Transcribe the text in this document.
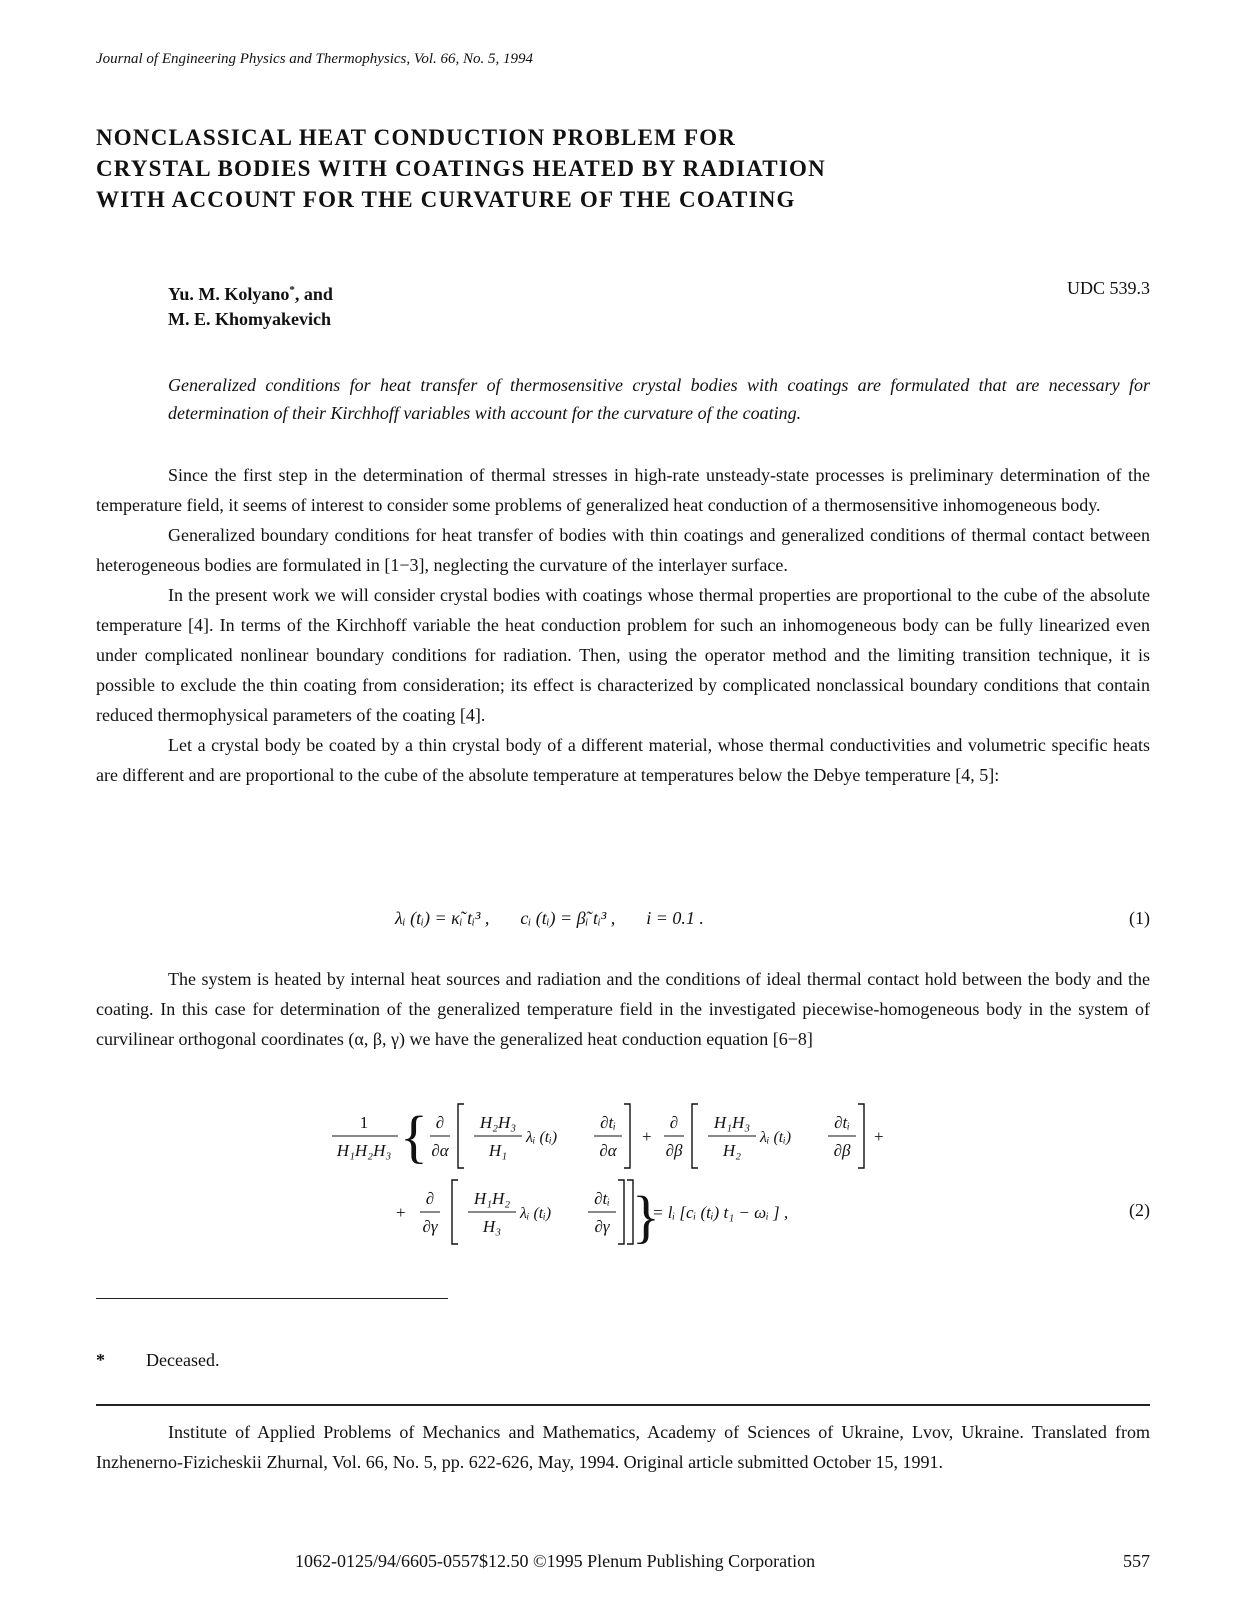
Journal of Engineering Physics and Thermophysics, Vol. 66, No. 5, 1994
NONCLASSICAL HEAT CONDUCTION PROBLEM FOR CRYSTAL BODIES WITH COATINGS HEATED BY RADIATION WITH ACCOUNT FOR THE CURVATURE OF THE COATING
Yu. M. Kolyano*, and
M. E. Khomyakevich
UDC 539.3

Generalized conditions for heat transfer of thermosensitive crystal bodies with coatings are formulated that are necessary for determination of their Kirchhoff variables with account for the curvature of the coating.

Since the first step in the determination of thermal stresses in high-rate unsteady-state processes is preliminary determination of the temperature field, it seems of interest to consider some problems of generalized heat conduction of a thermosensitive inhomogeneous body.

Generalized boundary conditions for heat transfer of bodies with thin coatings and generalized conditions of thermal contact between heterogeneous bodies are formulated in [1−3], neglecting the curvature of the interlayer surface.

In the present work we will consider crystal bodies with coatings whose thermal properties are proportional to the cube of the absolute temperature [4]. In terms of the Kirchhoff variable the heat conduction problem for such an inhomogeneous body can be fully linearized even under complicated nonlinear boundary conditions for radiation. Then, using the operator method and the limiting transition technique, it is possible to exclude the thin coating from consideration; its effect is characterized by complicated nonclassical boundary conditions that contain reduced thermophysical parameters of the coating [4].

Let a crystal body be coated by a thin crystal body of a different material, whose thermal conductivities and volumetric specific heats are different and are proportional to the cube of the absolute temperature at temperatures below the Debye temperature [4, 5]:

λᵢ (tᵢ) = κ̃ᵢ tᵢ³ , cᵢ (tᵢ) = β̃ᵢ tᵢ³ , i = 0.1 .	(1)

The system is heated by internal heat sources and radiation and the conditions of ideal thermal contact hold between the body and the coating. In this case for determination of the generalized temperature field in the investigated piecewise-homogeneous body in the system of curvilinear orthogonal coordinates (α, β, γ) we have the generalized heat conduction equation [6−8]

1
H₁H₂H₃ { ∂
∂α
H₂H₃
H₁
λᵢ (tᵢ)
∂tᵢ
∂α
+
∂
∂β
H₁H₃
H₂
λᵢ (tᵢ)
∂tᵢ
∂β
+
+
∂
∂γ
H₁H₂
H₃
λᵢ (tᵢ)
∂tᵢ
∂γ }
= lᵢ [cᵢ (tᵢ) t₁ − ωᵢ ] ,	(2)
* Deceased.

Institute of Applied Problems of Mechanics and Mathematics, Academy of Sciences of Ukraine, Lvov, Ukraine. Translated from Inzhenerno-Fizicheskii Zhurnal, Vol. 66, No. 5, pp. 622-626, May, 1994. Original article submitted October 15, 1991.

1062-0125/94/6605-0557$12.50 ©1995 Plenum Publishing Corporation	557
